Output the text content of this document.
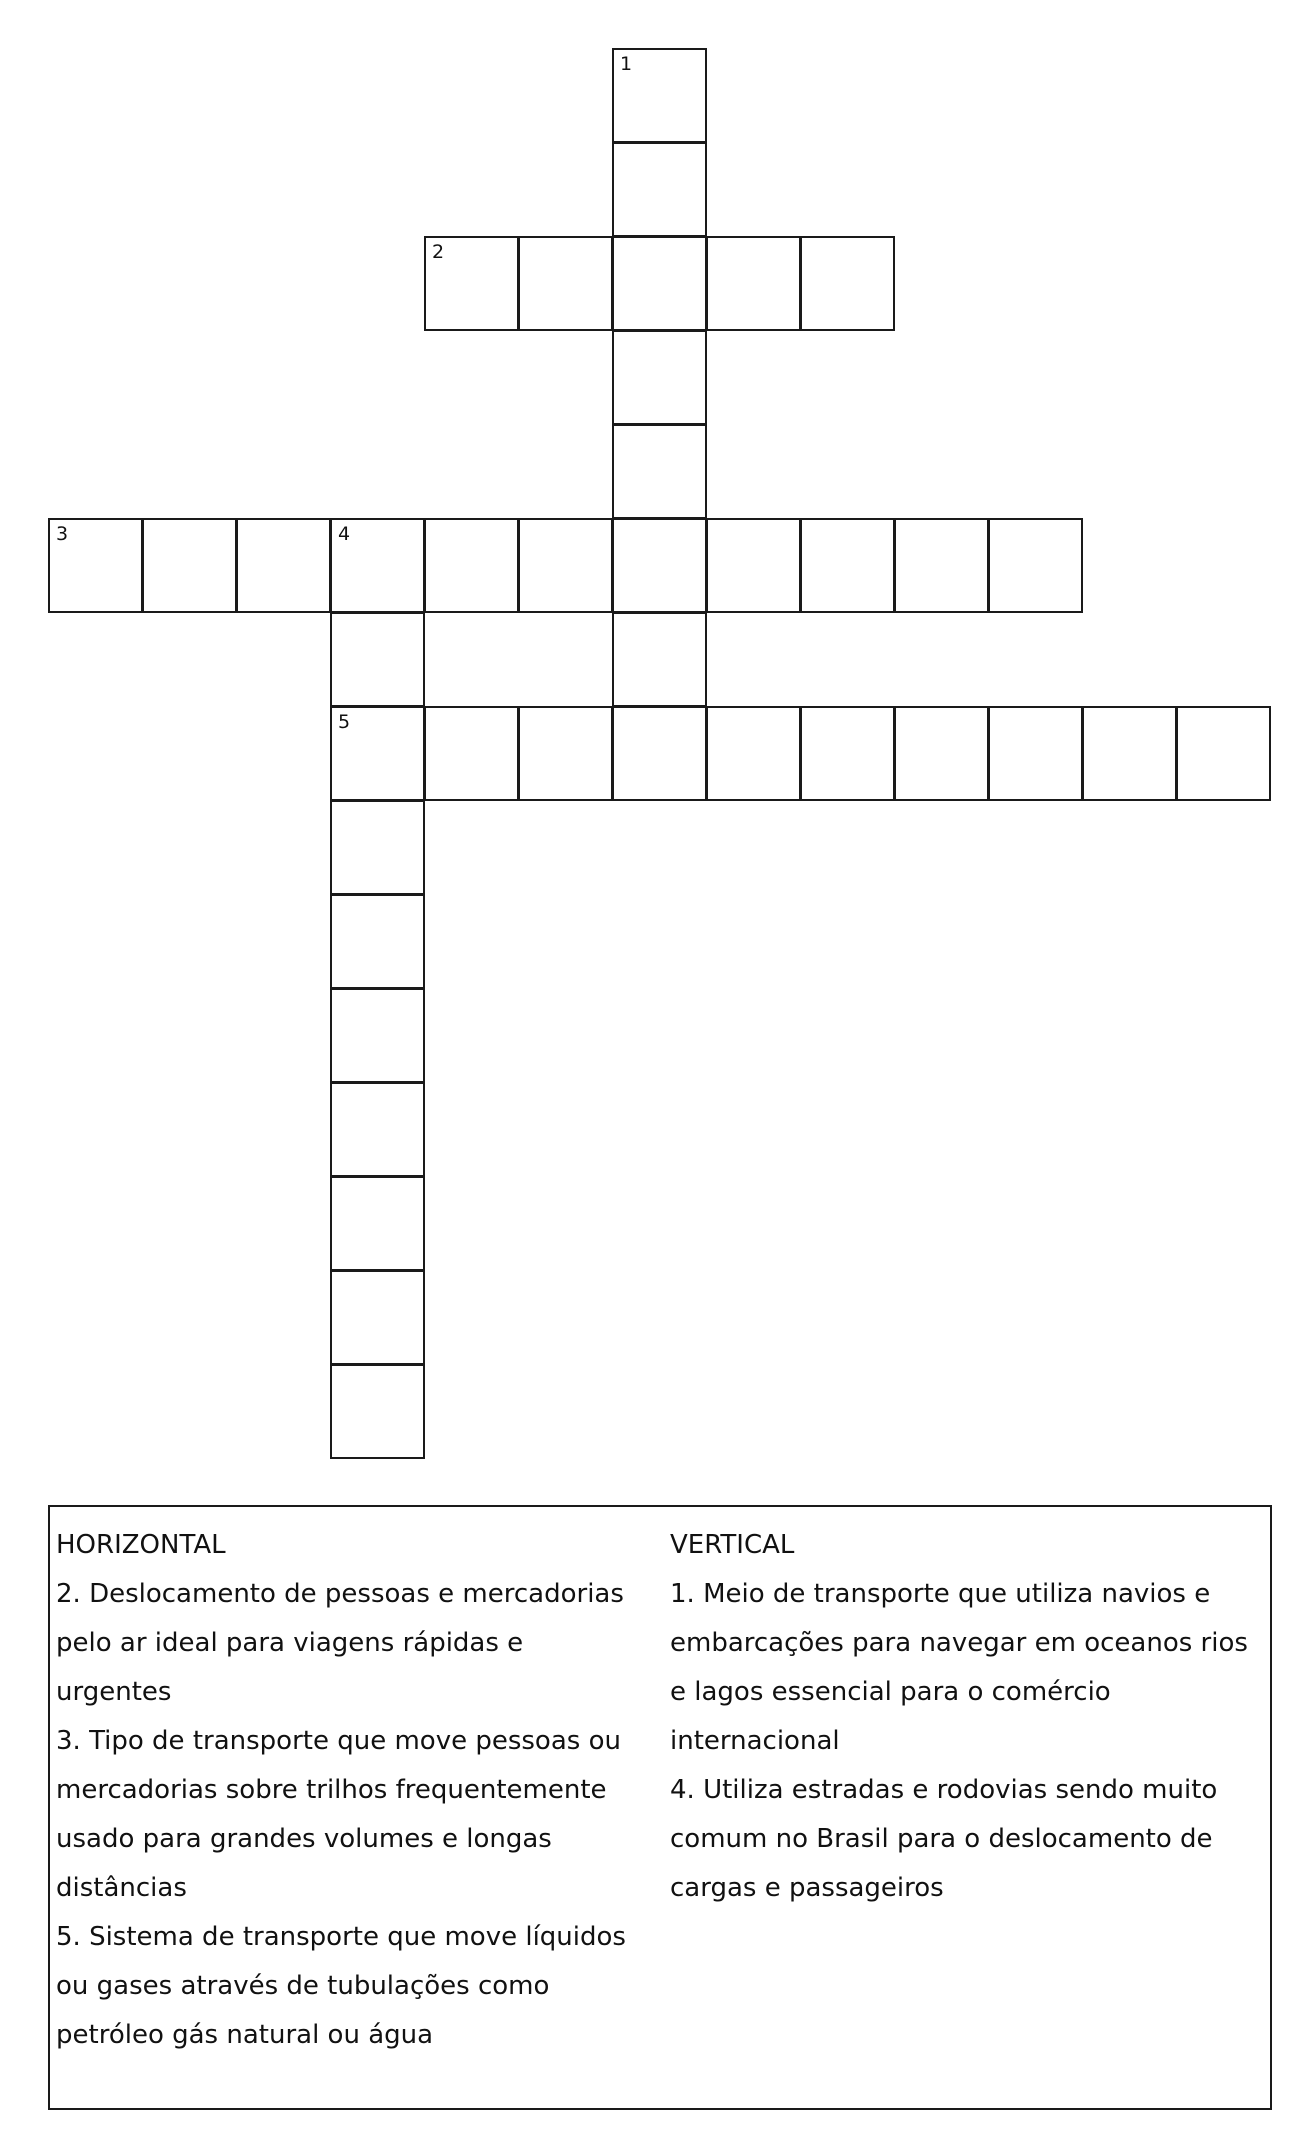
1
2
3	4
5
HORIZONTAL
2. Deslocamento de pessoas e mercadorias
pelo ar ideal para viagens rápidas e
urgentes
3. Tipo de transporte que move pessoas ou
mercadorias sobre trilhos frequentemente
usado para grandes volumes e longas
distâncias
5. Sistema de transporte que move líquidos
ou gases através de tubulações como
petróleo gás natural ou água
VERTICAL
1. Meio de transporte que utiliza navios e
embarcações para navegar em oceanos rios
e lagos essencial para o comércio
internacional
4. Utiliza estradas e rodovias sendo muito
comum no Brasil para o deslocamento de
cargas e passageiros
